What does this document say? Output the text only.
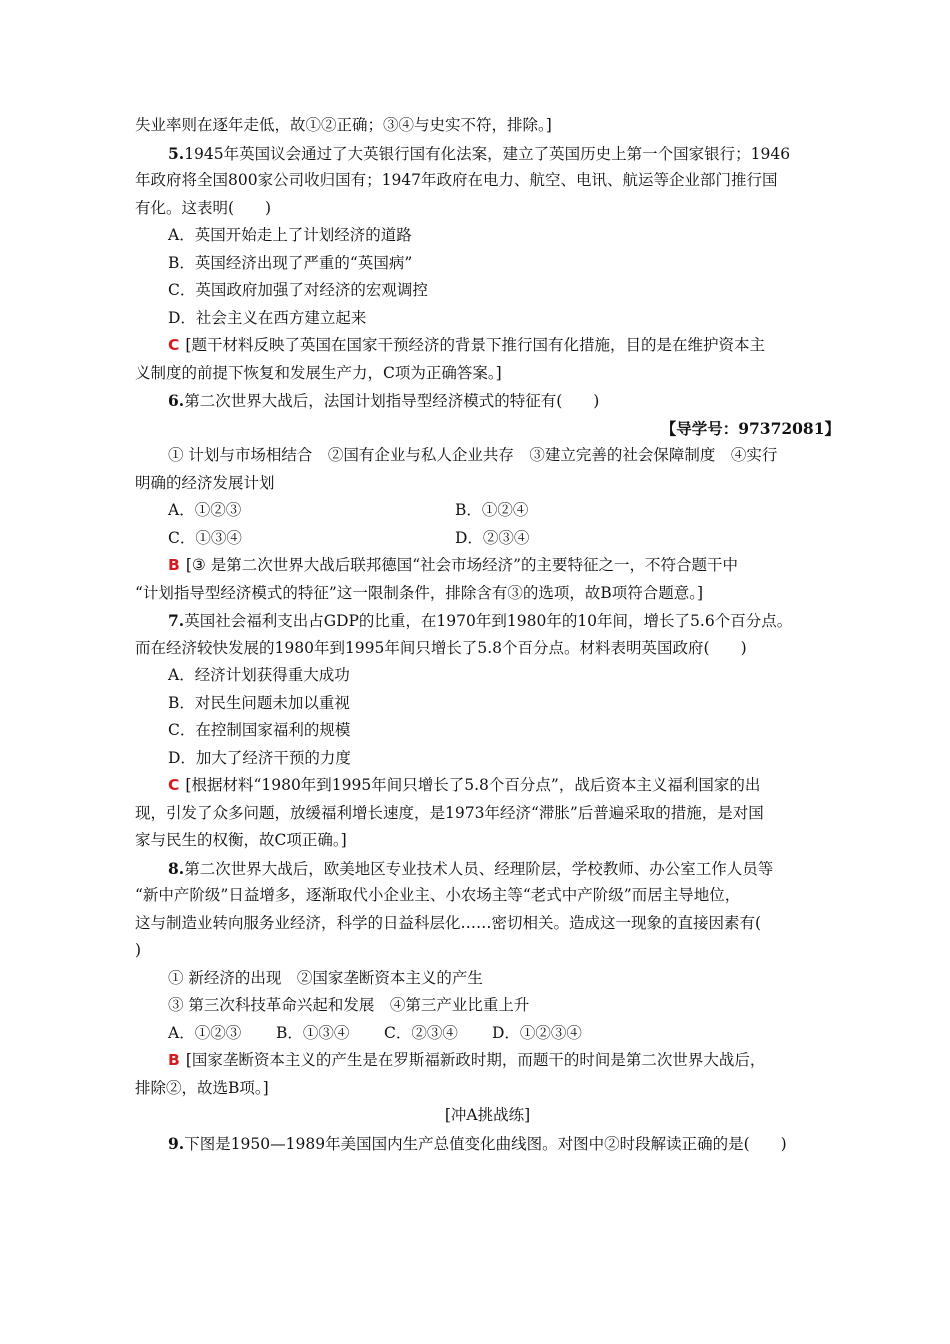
失业率则在逐年走低，故①②正确；③④与史实不符，排除。]
5.1945年英国议会通过了大英银行国有化法案，建立了英国历史上第一个国家银行；1946
年政府将全国800家公司收归国有；1947年政府在电力、航空、电讯、航运等企业部门推行国
有化。这表明(　　)
A．英国开始走上了计划经济的道路
B．英国经济出现了严重的“英国病”
C．英国政府加强了对经济的宏观调控
D．社会主义在西方建立起来
C [题干材料反映了英国在国家干预经济的背景下推行国有化措施，目的是在维护资本主
义制度的前提下恢复和发展生产力，C项为正确答案。]
6.第二次世界大战后，法国计划指导型经济模式的特征有(　　)
【导学号：97372081】
① 计划与市场相结合　②国有企业与私人企业共存　③建立完善的社会保障制度　④实行
明确的经济发展计划
A．①②③	B．①②④
C．①③④	D．②③④
B [③ 是第二次世界大战后联邦德国“社会市场经济”的主要特征之一，不符合题干中
“计划指导型经济模式的特征”这一限制条件，排除含有③的选项，故B项符合题意。]
7.英国社会福利支出占GDP的比重，在1970年到1980年的10年间，增长了5.6个百分点。
而在经济较快发展的1980年到1995年间只增长了5.8个百分点。材料表明英国政府(　　)
A．经济计划获得重大成功
B．对民生问题未加以重视
C．在控制国家福利的规模
D．加大了经济干预的力度
C [根据材料“1980年到1995年间只增长了5.8个百分点”，战后资本主义福利国家的出
现，引发了众多问题，放缓福利增长速度，是1973年经济“滞胀”后普遍采取的措施，是对国
家与民生的权衡，故C项正确。]
8.第二次世界大战后，欧美地区专业技术人员、经理阶层，学校教师、办公室工作人员等
“新中产阶级”日益增多，逐渐取代小企业主、小农场主等“老式中产阶级”而居主导地位，
这与制造业转向服务业经济，科学的日益科层化……密切相关。造成这一现象的直接因素有(
)
① 新经济的出现　②国家垄断资本主义的产生
③ 第三次科技革命兴起和发展　④第三产业比重上升
A．①②③ B．①③④ C．②③④ D．①②③④
B [国家垄断资本主义的产生是在罗斯福新政时期，而题干的时间是第二次世界大战后，
排除②，故选B项。]
[冲A挑战练]
9.下图是1950—1989年美国国内生产总值变化曲线图。对图中②时段解读正确的是(　　)
